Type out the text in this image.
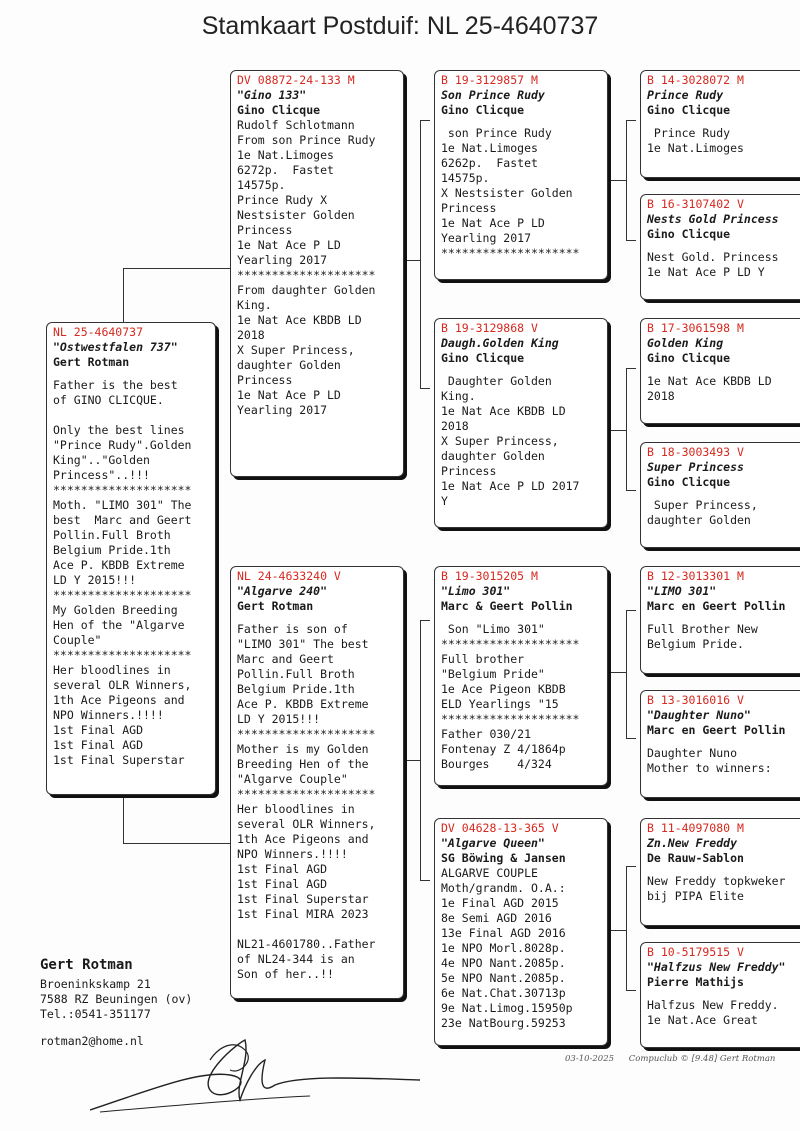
Stamkaart Postduif: NL 25-4640737
NL 25-4640737
"Ostwestfalen 737"
Gert Rotman
Father is the best
of GINO CLICQUE.

Only the best lines
"Prince Rudy".Golden
King".."Golden
Princess"..!!!
********************
Moth. "LIMO 301" The
best  Marc and Geert
Pollin.Full Broth
Belgium Pride.1th
Ace P. KBDB Extreme
LD Y 2015!!!
********************
My Golden Breeding
Hen of the "Algarve
Couple"
********************
Her bloodlines in
several OLR Winners,
1th Ace Pigeons and
NPO Winners.!!!!
1st Final AGD
1st Final AGD
1st Final Superstar
DV 08872-24-133 M
"Gino 133"
Gino Clicque
Rudolf Schlotmann
From son Prince Rudy
1e Nat.Limoges
6272p.  Fastet
14575p.
Prince Rudy X
Nestsister Golden
Princess
1e Nat Ace P LD
Yearling 2017
********************
From daughter Golden
King.
1e Nat Ace KBDB LD
2018
X Super Princess,
daughter Golden
Princess
1e Nat Ace P LD
Yearling 2017
NL 24-4633240 V
"Algarve 240"
Gert Rotman
Father is son of
"LIMO 301" The best
Marc and Geert
Pollin.Full Broth
Belgium Pride.1th
Ace P. KBDB Extreme
LD Y 2015!!!
********************
Mother is my Golden
Breeding Hen of the
"Algarve Couple"
********************
Her bloodlines in
several OLR Winners,
1th Ace Pigeons and
NPO Winners.!!!!
1st Final AGD
1st Final AGD
1st Final Superstar
1st Final MIRA 2023

NL21-4601780..Father
of NL24-344 is an
Son of her..!!
B 19-3129857 M
Son Prince Rudy
Gino Clicque
son Prince Rudy
1e Nat.Limoges
6262p.  Fastet
14575p.
X Nestsister Golden
Princess
1e Nat Ace P LD
Yearling 2017
********************
B 19-3129868 V
Daugh.Golden King
Gino Clicque
Daughter Golden
King.
1e Nat Ace KBDB LD
2018
X Super Princess,
daughter Golden
Princess
1e Nat Ace P LD 2017
Y
B 19-3015205 M
"Limo 301"
Marc & Geert Pollin
Son "Limo 301"
********************
Full brother
"Belgium Pride"
1e Ace Pigeon KBDB
ELD Yearlings "15
********************
Father 030/21
Fontenay Z 4/1864p
Bourges    4/324
DV 04628-13-365 V
"Algarve Queen"
SG Böwing & Jansen
ALGARVE COUPLE
Moth/grandm. O.A.:
1e Final AGD 2015
8e Semi AGD 2016
13e Final AGD 2016
1e NPO Morl.8028p.
4e NPO Nant.2085p.
5e NPO Nant.2085p.
6e Nat.Chat.30713p
9e Nat.Limog.15950p
23e NatBourg.59253
B 14-3028072 M
Prince Rudy
Gino Clicque
Prince Rudy
1e Nat.Limoges
B 16-3107402 V
Nests Gold Princess
Gino Clicque
Nest Gold. Princess
1e Nat Ace P LD Y
B 17-3061598 M
Golden King
Gino Clicque
1e Nat Ace KBDB LD
2018
B 18-3003493 V
Super Princess
Gino Clicque
Super Princess,
daughter Golden
B 12-3013301 M
"LIMO 301"
Marc en Geert Pollin
Full Brother New
Belgium Pride.
B 13-3016016 V
"Daughter Nuno"
Marc en Geert Pollin
Daughter Nuno
Mother to winners:
B 11-4097080 M
Zn.New Freddy
De Rauw-Sablon
New Freddy topkweker
bij PIPA Elite
B 10-5179515 V
"Halfzus New Freddy"
Pierre Mathijs
Halfzus New Freddy.
1e Nat.Ace Great
Gert Rotman
Broeninkskamp 21
7588 RZ Beuningen (ov)
Tel.:0541-351177
rotman2@home.nl
03-10-2025 Compuclub © [9.48] Gert Rotman
